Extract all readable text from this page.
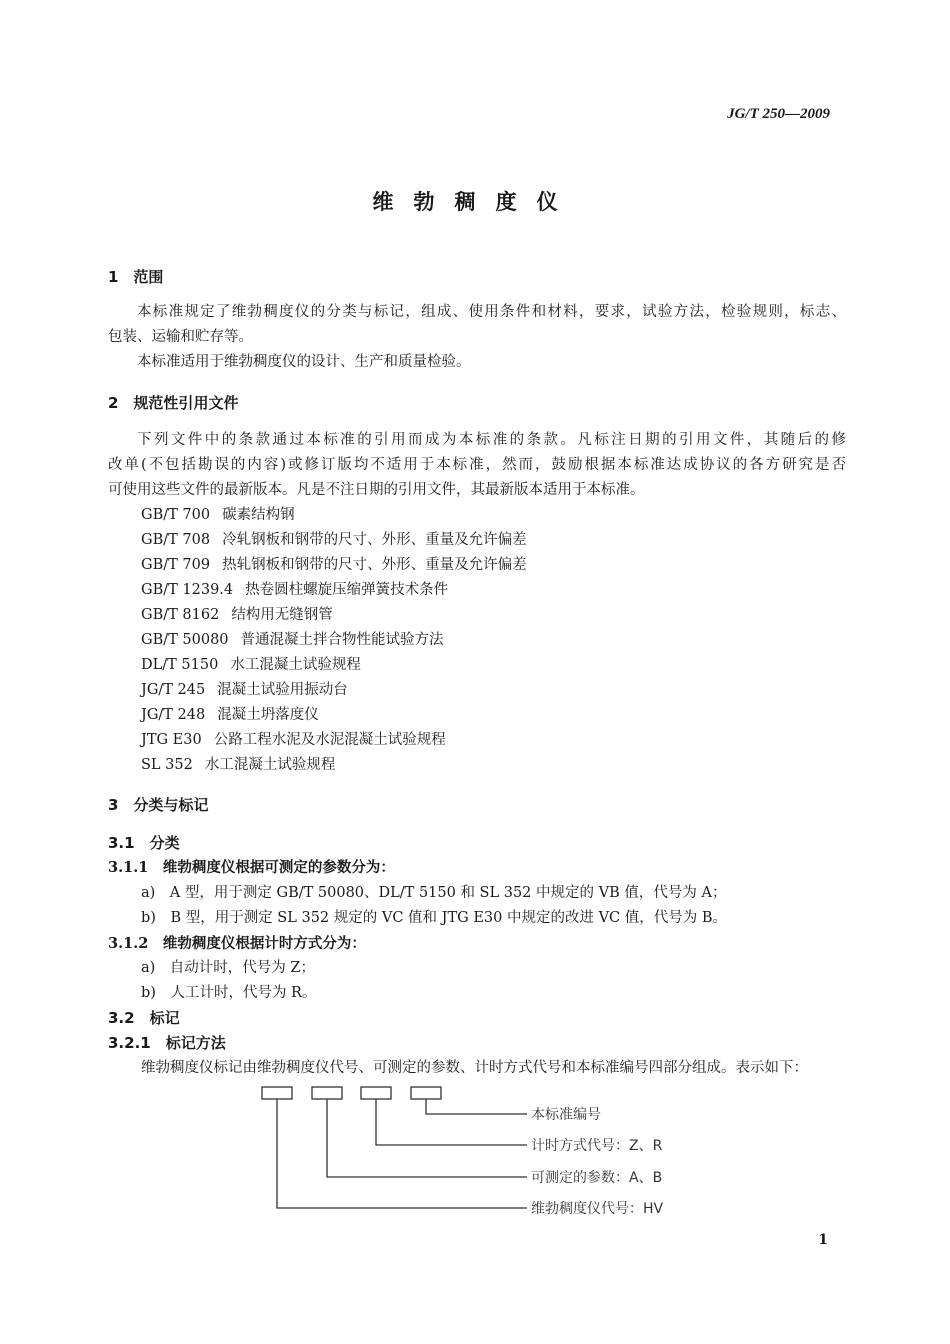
JG/T 250—2009
维勃稠度仪
1　范围
本标准规定了维勃稠度仪的分类与标记，组成、使用条件和材料，要求，试验方法，检验规则，标志、
包装、运输和贮存等。
本标准适用于维勃稠度仪的设计、生产和质量检验。
2　规范性引用文件
下列文件中的条款通过本标准的引用而成为本标准的条款。凡标注日期的引用文件，其随后的修
改单(不包括勘误的内容)或修订版均不适用于本标准，然而，鼓励根据本标准达成协议的各方研究是否
可使用这些文件的最新版本。凡是不注日期的引用文件，其最新版本适用于本标准。
GB/T 700 碳素结构钢
GB/T 708 冷轧钢板和钢带的尺寸、外形、重量及允许偏差
GB/T 709 热轧钢板和钢带的尺寸、外形、重量及允许偏差
GB/T 1239.4 热卷圆柱螺旋压缩弹簧技术条件
GB/T 8162 结构用无缝钢管
GB/T 50080 普通混凝土拌合物性能试验方法
DL/T 5150 水工混凝土试验规程
JG/T 245 混凝土试验用振动台
JG/T 248 混凝土坍落度仪
JTG E30 公路工程水泥及水泥混凝土试验规程
SL 352 水工混凝土试验规程
3　分类与标记
3.1　分类
3.1.1　维勃稠度仪根据可测定的参数分为：
a)　A 型，用于测定 GB/T 50080、DL/T 5150 和 SL 352 中规定的 VB 值，代号为 A；
b)　B 型，用于测定 SL 352 规定的 VC 值和 JTG E30 中规定的改进 VC 值，代号为 B。
3.1.2　维勃稠度仪根据计时方式分为：
a)　自动计时，代号为 Z；
b)　人工计时，代号为 R。
3.2　标记
3.2.1　标记方法
维勃稠度仪标记由维勃稠度仪代号、可测定的参数、计时方式代号和本标准编号四部分组成。表示如下：
本标准编号
计时方式代号：Z、R
可测定的参数：A、B
维勃稠度仪代号：HV
1
